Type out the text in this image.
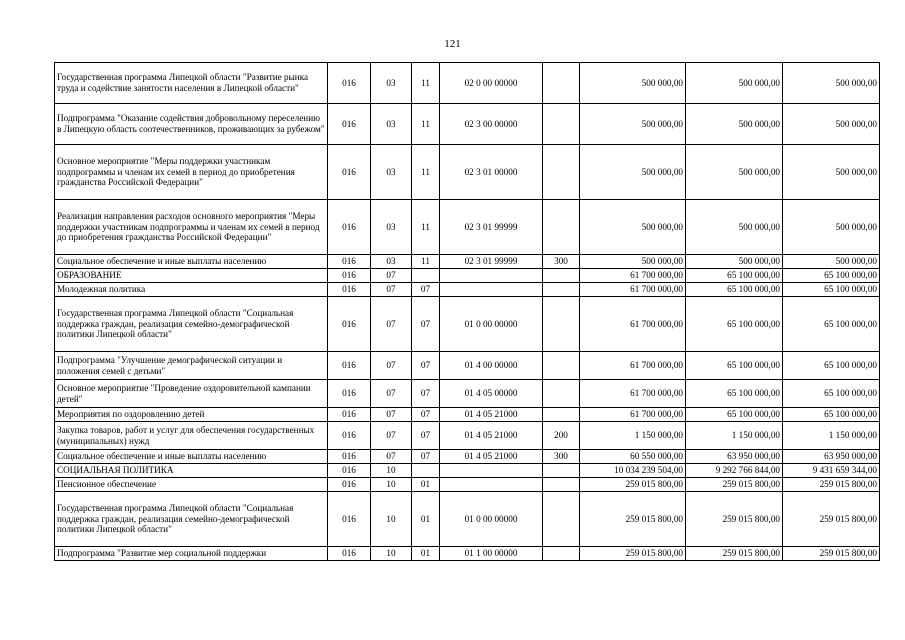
121
Государственная программа Липецкой области "Развитие рынка труда и содействие занятости населения в Липецкой области"	016	03	11	02 0 00 00000		500 000,00	500 000,00	500 000,00
Подпрограмма "Оказание содействия добровольному переселению в Липецкую область соотечественников, проживающих за рубежом"	016	03	11	02 3 00 00000		500 000,00	500 000,00	500 000,00
Основное мероприятие "Меры поддержки участникам подпрограммы и членам их семей в период до приобретения гражданства Российской Федерации"	016	03	11	02 3 01 00000		500 000,00	500 000,00	500 000,00
Реализация направления расходов основного мероприятия "Меры поддержки участникам подпрограммы и членам их семей в период до приобретения гражданства Российской Федерации"	016	03	11	02 3 01 99999		500 000,00	500 000,00	500 000,00
Социальное обеспечение и иные выплаты населению	016	03	11	02 3 01 99999	300	500 000,00	500 000,00	500 000,00
ОБРАЗОВАНИЕ	016	07				61 700 000,00	65 100 000,00	65 100 000,00
Молодежная политика	016	07	07			61 700 000,00	65 100 000,00	65 100 000,00
Государственная программа Липецкой области "Социальная поддержка граждан, реализация семейно-демографической политики Липецкой области"	016	07	07	01 0 00 00000		61 700 000,00	65 100 000,00	65 100 000,00
Подпрограмма "Улучшение демографической ситуации и положения семей с детьми"	016	07	07	01 4 00 00000		61 700 000,00	65 100 000,00	65 100 000,00
Основное мероприятие "Проведение оздоровительной кампании детей"	016	07	07	01 4 05 00000		61 700 000,00	65 100 000,00	65 100 000,00
Мероприятия по оздоровлению детей	016	07	07	01 4 05 21000		61 700 000,00	65 100 000,00	65 100 000,00
Закупка товаров, работ и услуг для обеспечения государственных (муниципальных) нужд	016	07	07	01 4 05 21000	200	1 150 000,00	1 150 000,00	1 150 000,00
Социальное обеспечение и иные выплаты населению	016	07	07	01 4 05 21000	300	60 550 000,00	63 950 000,00	63 950 000,00
СОЦИАЛЬНАЯ ПОЛИТИКА	016	10				10 034 239 504,00	9 292 766 844,00	9 431 659 344,00
Пенсионное обеспечение	016	10	01			259 015 800,00	259 015 800,00	259 015 800,00
Государственная программа Липецкой области "Социальная поддержка граждан, реализация семейно-демографической политики Липецкой области"	016	10	01	01 0 00 00000		259 015 800,00	259 015 800,00	259 015 800,00
Подпрограмма "Развитие мер социальной поддержки	016	10	01	01 1 00 00000		259 015 800,00	259 015 800,00	259 015 800,00
